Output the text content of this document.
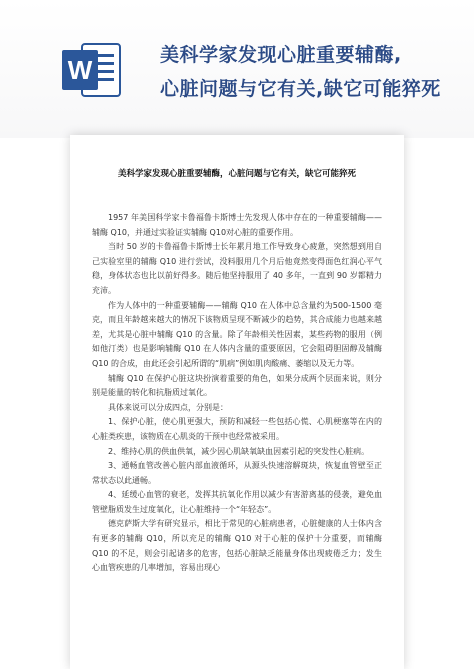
W	美科学家发现心脏重要辅酶,
心脏问题与它有关,缺它可能猝死
美科学家发现心脏重要辅酶，心脏问题与它有关，缺它可能猝死

1957 年美国科学家卡鲁福鲁卡斯博士先发现人体中存在的一种重要辅酶——辅酶 Q10，并通过实验证实辅酶 Q10对心脏的重要作用。

当时 50 岁的卡鲁福鲁卡斯博士长年累月地工作导致身心疲惫，突然想到用自己实验室里的辅酶 Q10 进行尝试，没料服用几个月后他竟然变得面色红润心平气稳，身体状态也比以前好得多。随后他坚持服用了 40 多年，一直到 90 岁都精力充沛。

作为人体中的一种重要辅酶——辅酶 Q10 在人体中总含量约为500-1500 毫克，而且年龄越来越大的情况下该物质呈现不断减少的趋势，其合成能力也越来越差，尤其是心脏中辅酶 Q10 的含量。除了年龄相关性因素，某些药物的服用（例如他汀类）也是影响辅酶 Q10 在人体内含量的重要原因，它会阻碍胆固醇及辅酶 Q10 的合成，由此还会引起所谓的“肌病”例如肌肉酸痛、萎缩以及无力等。

辅酶 Q10 在保护心脏这块扮演着重要的角色，如果分成两个层面来说，则分别是能量的转化和抗脂质过氧化。

具体来说可以分成四点，分别是：

1、保护心脏，使心肌更强大，预防和减轻一些包括心慌、心肌梗塞等在内的心脏类疾患，该物质在心肌炎的干预中也经常被采用。

2、维持心肌的供血供氧，减少因心肌缺氧缺血因素引起的突发性心脏病。

3、通畅血管改善心脏内部血液循环，从源头快速溶解斑块，恢复血管壁至正常状态以此通畅。

4、延缓心血管的衰老，发挥其抗氧化作用以减少有害游离基的侵袭，避免血管壁脂质发生过度氧化，让心脏维持一个“年轻态”。

德克萨斯大学有研究显示，相比于常见的心脏病患者，心脏健康的人士体内含有更多的辅酶 Q10，所以充足的辅酶 Q10 对于心脏的保护十分重要，而辅酶 Q10 的不足，则会引起诸多的危害，包括心脏缺乏能量身体出现疲倦乏力；发生心血管疾患的几率增加，容易出现心
